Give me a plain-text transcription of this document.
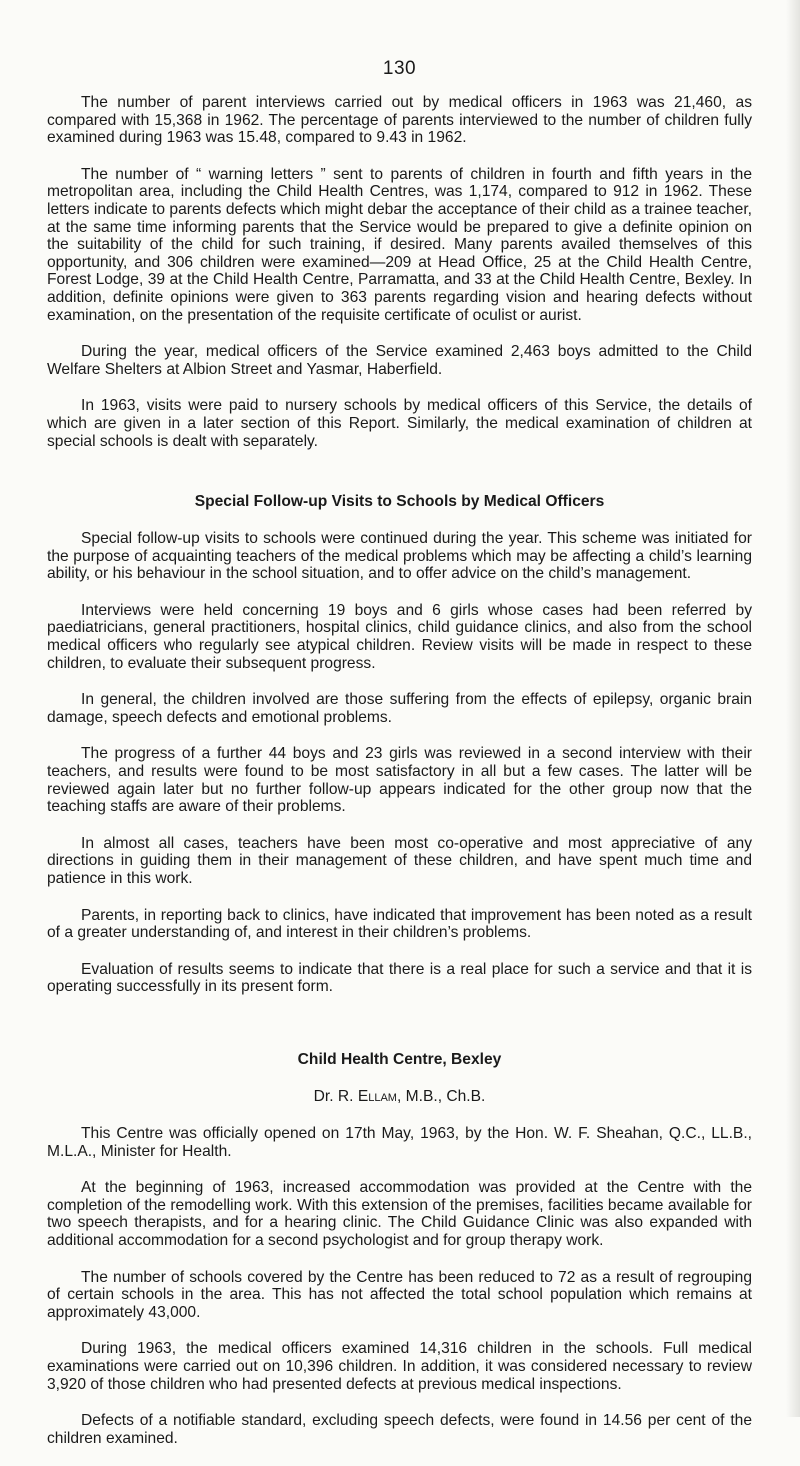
130

The number of parent interviews carried out by medical officers in 1963 was 21,460, as compared with 15,368 in 1962. The percentage of parents interviewed to the number of children fully examined during 1963 was 15.48, compared to 9.43 in 1962.

The number of “ warning letters ” sent to parents of children in fourth and fifth years in the metropolitan area, including the Child Health Centres, was 1,174, compared to 912 in 1962. These letters indicate to parents defects which might debar the acceptance of their child as a trainee teacher, at the same time informing parents that the Service would be prepared to give a definite opinion on the suitability of the child for such training, if desired. Many parents availed themselves of this opportunity, and 306 children were examined—209 at Head Office, 25 at the Child Health Centre, Forest Lodge, 39 at the Child Health Centre, Parramatta, and 33 at the Child Health Centre, Bexley. In addition, definite opinions were given to 363 parents regarding vision and hearing defects without examination, on the presentation of the requisite certificate of oculist or aurist.

During the year, medical officers of the Service examined 2,463 boys admitted to the Child Welfare Shelters at Albion Street and Yasmar, Haberfield.

In 1963, visits were paid to nursery schools by medical officers of this Service, the details of which are given in a later section of this Report. Similarly, the medical examination of children at special schools is dealt with separately.

Special Follow-up Visits to Schools by Medical Officers

Special follow-up visits to schools were continued during the year. This scheme was initiated for the purpose of acquainting teachers of the medical problems which may be affecting a child’s learning ability, or his behaviour in the school situation, and to offer advice on the child’s management.

Interviews were held concerning 19 boys and 6 girls whose cases had been referred by paediatricians, general practitioners, hospital clinics, child guidance clinics, and also from the school medical officers who regularly see atypical children. Review visits will be made in respect to these children, to evaluate their subsequent progress.

In general, the children involved are those suffering from the effects of epilepsy, organic brain damage, speech defects and emotional problems.

The progress of a further 44 boys and 23 girls was reviewed in a second interview with their teachers, and results were found to be most satisfactory in all but a few cases. The latter will be reviewed again later but no further follow-up appears indicated for the other group now that the teaching staffs are aware of their problems.

In almost all cases, teachers have been most co-operative and most appreciative of any directions in guiding them in their management of these children, and have spent much time and patience in this work.

Parents, in reporting back to clinics, have indicated that improvement has been noted as a result of a greater understanding of, and interest in their children’s problems.

Evaluation of results seems to indicate that there is a real place for such a service and that it is operating successfully in its present form.

Child Health Centre, Bexley
Dr. R. Ellam, M.B., Ch.B.

This Centre was officially opened on 17th May, 1963, by the Hon. W. F. Sheahan, Q.C., LL.B., M.L.A., Minister for Health.

At the beginning of 1963, increased accommodation was provided at the Centre with the completion of the remodelling work. With this extension of the premises, facilities became available for two speech therapists, and for a hearing clinic. The Child Guidance Clinic was also expanded with additional accommodation for a second psychologist and for group therapy work.

The number of schools covered by the Centre has been reduced to 72 as a result of regrouping of certain schools in the area. This has not affected the total school population which remains at approximately 43,000.

During 1963, the medical officers examined 14,316 children in the schools. Full medical examinations were carried out on 10,396 children. In addition, it was considered necessary to review 3,920 of those children who had presented defects at previous medical inspections.

Defects of a notifiable standard, excluding speech defects, were found in 14.56 per cent of the children examined.
